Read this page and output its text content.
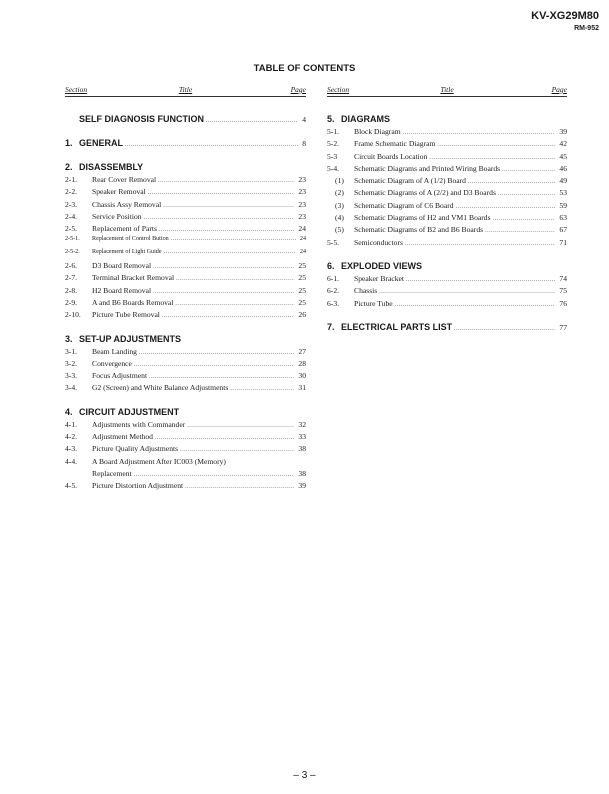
KV-XG29M80
RM-952
TABLE OF CONTENTS
Section	Title	Page
SELF DIAGNOSIS FUNCTION .....	4
1. GENERAL .....	8
2. DISASSEMBLY
2-1.	Rear Cover Removal .....	23
2-2.	Speaker Removal .....	23
2-3.	Chassis Assy Removal .....	23
2-4.	Service Position .....	23
2-5.	Replacement of Parts .....	24
2-5-1.	Replacement of Control Button .....	24
2-5-2.	Replacement of Light Guide .....	24
2-6.	D3 Board Removal .....	25
2-7.	Terminal Bracket Removal .....	25
2-8.	H2 Board Removal .....	25
2-9.	A and B6 Boards Removal .....	25
2-10.	Picture Tube Removal .....	26
3. SET-UP ADJUSTMENTS
3-1.	Beam Landing .....	27
3-2.	Convergence .....	28
3-3.	Focus Adjustment .....	30
3-4.	G2 (Screen) and White Balance Adjustments .....	31
4. CIRCUIT ADJUSTMENT
4-1.	Adjustments with Commander .....	32
4-2.	Adjustment Method .....	33
4-3.	Picture Quality Adjustments .....	38
4-4.	A Board Adjustment After IC003 (Memory)
Replacement .....	38
4-5.	Picture Distortion Adjustment .....	39
Section	Title	Page
5. DIAGRAMS
5-1.	Block Diagram .....	39
5-2.	Frame Schematic Diagram .....	42
5-3	Circuit Boards Location .....	45
5-4.	Schematic Diagrams and Printed Wiring Boards .....	46
(1)	Schematic Diagram of A (1/2) Board .....	49
(2)	Schematic Diagrams of A (2/2) and D3 Boards .....	53
(3)	Schematic Diagram of C6 Board .....	59
(4)	Schematic Diagrams of H2 and VM1 Boards .....	63
(5)	Schematic Diagrams of B2 and B6 Boards .....	67
5-5.	Semiconductors .....	71
6. EXPLODED VIEWS
6-1.	Speaker Bracket .....	74
6-2.	Chassis .....	75
6-3.	Picture Tube .....	76
7. ELECTRICAL PARTS LIST .....	77
– 3 –
